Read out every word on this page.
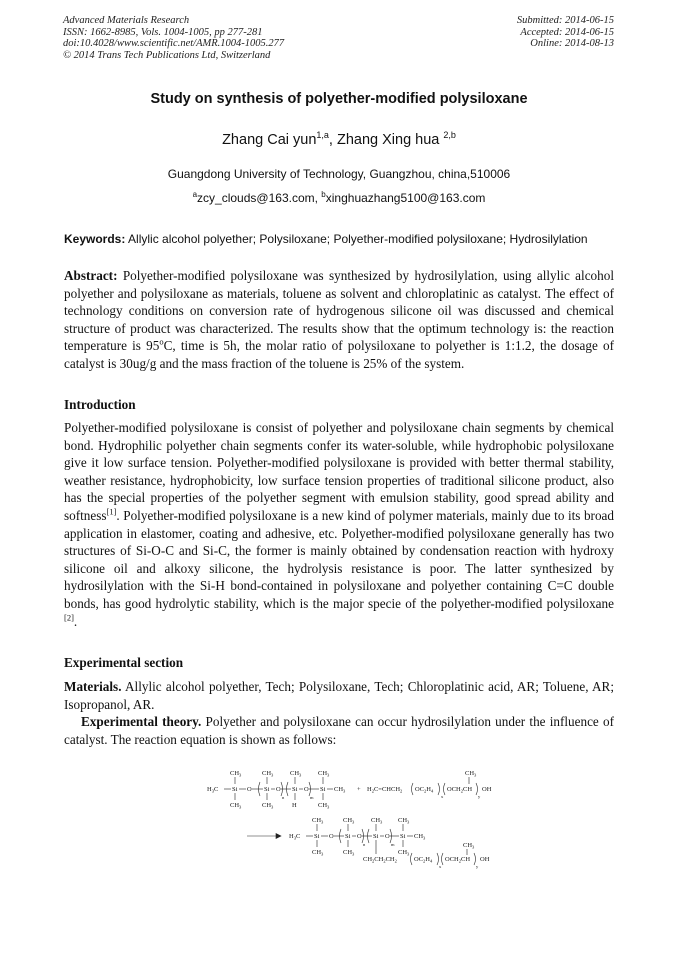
Advanced Materials Research
ISSN: 1662-8985, Vols. 1004-1005, pp 277-281
doi:10.4028/www.scientific.net/AMR.1004-1005.277
© 2014 Trans Tech Publications Ltd, Switzerland
Submitted: 2014-06-15
Accepted: 2014-06-15
Online: 2014-08-13
Study on synthesis of polyether-modified polysiloxane
Zhang Cai yun$^{1,a}$, Zhang Xing hua $^{2,b}$
Guangdong University of Technology, Guangzhou, china,510006
$^a$zcy_clouds@163.com, $^b$xinghuazhang5100@163.com
Keywords: Allylic alcohol polyether; Polysiloxane; Polyether-modified polysiloxane; Hydrosilylation
Abstract: Polyether-modified polysiloxane was synthesized by hydrosilylation, using allylic alcohol polyether and polysiloxane as materials, toluene as solvent and chloroplatinic as catalyst. The effect of technology conditions on conversion rate of hydrogenous silicone oil was discussed and chemical structure of product was characterized. The results show that the optimum technology is: the reaction temperature is 95$^o$C, time is 5h, the molar ratio of polysiloxane to polyether is 1:1.2, the dosage of catalyst is 30ug/g and the mass fraction of the toluene is 25% of the system.
Introduction
Polyether-modified polysiloxane is consist of polyether and polysiloxane chain segments by chemical bond. Hydrophilic polyether chain segments confer its water-soluble, while hydrophobic polysiloxane give it low surface tension. Polyether-modified polysiloxane is provided with better thermal stability, weather resistance, hydrophobicity, low surface tension properties of traditional silicone product, also has the special properties of the polyether segment with emulsion stability, good spread ability and softness[1]. Polyether-modified polysiloxane is a new kind of polymer materials, mainly due to its broad application in elastomer, coating and adhesive, etc. Polyether-modified polysiloxane generally has two structures of Si-O-C and Si-C, the former is mainly obtained by condensation reaction with hydroxy silicone oil and alkoxy silicone, the hydrolysis resistance is poor. The latter synthesized by hydrosilylation with the Si-H bond-contained in polysiloxane and polyether containing C=C double bonds, has good hydrolytic stability, which is the major specie of the polyether-modified polysiloxane [2].
Experimental section
Materials. Allylic alcohol polyether, Tech; Polysiloxane, Tech; Chloroplatinic acid, AR; Toluene, AR; Isopropanol, AR.
Experimental theory. Polyether and polysiloxane can occur hydrosilylation under the influence of catalyst. The reaction equation is shown as follows:
$H_3C$ Si O Si O Si O Si $CH_3$
$CH_3$	$CH_3$	$CH_3$	$CH_3$
$CH_3$	$CH_3$	H	$CH_3$
n	m
+ $H_2C=CHCH_2$ $OC_2H_4$ $OCH_2CH$ OH
$CH_3$
x	y
$H_3C$ Si O Si O Si O Si $CH_3$
$CH_3$	$CH_3$	$CH_3$ $CH_3$
$CH_3$	$CH_3$
$CH_2CH_2CH_2$	$OC_2H_4$ $OCH_2CH$ OH
$CH_3$
$CH_3$
n	m
x	y
